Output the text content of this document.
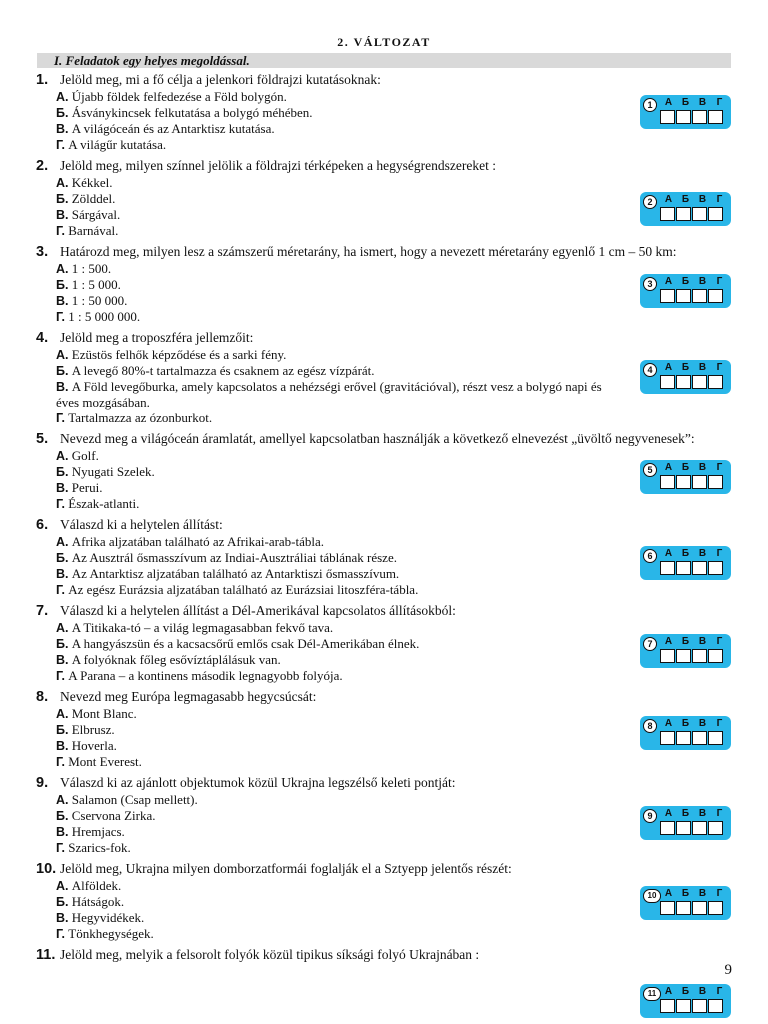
2. VÁLTOZAT
I. Feladatok egy helyes megoldással.
1. Jelöld meg, mi a fő célja a jelenkori földrajzi kutatásoknak:
А. Újabb földek felfedezése a Föld bolygón.
Б. Ásványkincsek felkutatása a bolygó méhében.
В. A világóceán és az Antarktisz kutatása.
Г. A világűr kutatása.
2. Jelöld meg, milyen színnel jelölik a földrajzi térképeken a hegységrendszereket :
А. Kékkel.
Б. Zölddel.
В. Sárgával.
Г. Barnával.
3. Határozd meg, milyen lesz a számszerű méretarány, ha ismert, hogy a nevezett méretarány egyenlő 1 cm – 50 km:
А. 1 : 500.
Б. 1 : 5 000.
В. 1 : 50 000.
Г. 1 : 5 000 000.
4. Jelöld meg a troposzféra jellemzőit:
А. Ezüstös felhők képződése és a sarki fény.
Б. A levegő 80%-t tartalmazza és csaknem az egész vízpárát.
В. A Föld levegőburka, amely kapcsolatos a nehézségi erővel (gravitációval), részt vesz a bolygó napi és éves mozgásában.
Г. Tartalmazza az ózonburkot.
5. Nevezd meg a világóceán áramlatát, amellyel kapcsolatban használják a következő elnevezést „üvöltő negyvenesek”:
А. Golf.
Б. Nyugati Szelek.
В. Perui.
Г. Észak-atlanti.
6. Válaszd ki a helytelen állítást:
А. Afrika aljzatában található az Afrikai-arab-tábla.
Б. Az Ausztrál ősmasszívum az Indiai-Ausztráliai táblának része.
В. Az Antarktisz aljzatában található az Antarktiszi ősmasszívum.
Г. Az egész Eurázsia aljzatában található az Eurázsiai litoszféra-tábla.
7. Válaszd ki a helytelen állítást a Dél-Amerikával kapcsolatos állításokból:
А. A Titikaka-tó – a világ legmagasabban fekvő tava.
Б. A hangyászsün és a kacsacsőrű emlős csak Dél-Amerikában élnek.
В. A folyóknak főleg esővíztáplálásuk van.
Г. A Parana – a kontinens második legnagyobb folyója.
8. Nevezd meg Európa legmagasabb hegycsúcsát:
А. Mont Blanc.
Б. Elbrusz.
В. Hoverla.
Г. Mont Everest.
9. Válaszd ki az ajánlott objektumok közül Ukrajna legszélső keleti pontját:
А. Salamon (Csap mellett).
Б. Cservona Zirka.
В. Hremjacs.
Г. Szarics-fok.
10. Jelöld meg, Ukrajna milyen domborzatformái foglalják el a Sztyepp jelentős részét:
А. Alföldek.
Б. Hátságok.
В. Hegyvidékek.
Г. Tönkhegységek.
11. Jelöld meg, melyik a felsorolt folyók közül tipikus síksági folyó Ukrajnában :
9
1	А Б В Г
2	А Б В Г
3	А Б В Г
4	А Б В Г
5	А Б В Г
6	А Б В Г
7	А Б В Г
8	А Б В Г
9	А Б В Г
10 А Б В Г
11 А Б В Г
